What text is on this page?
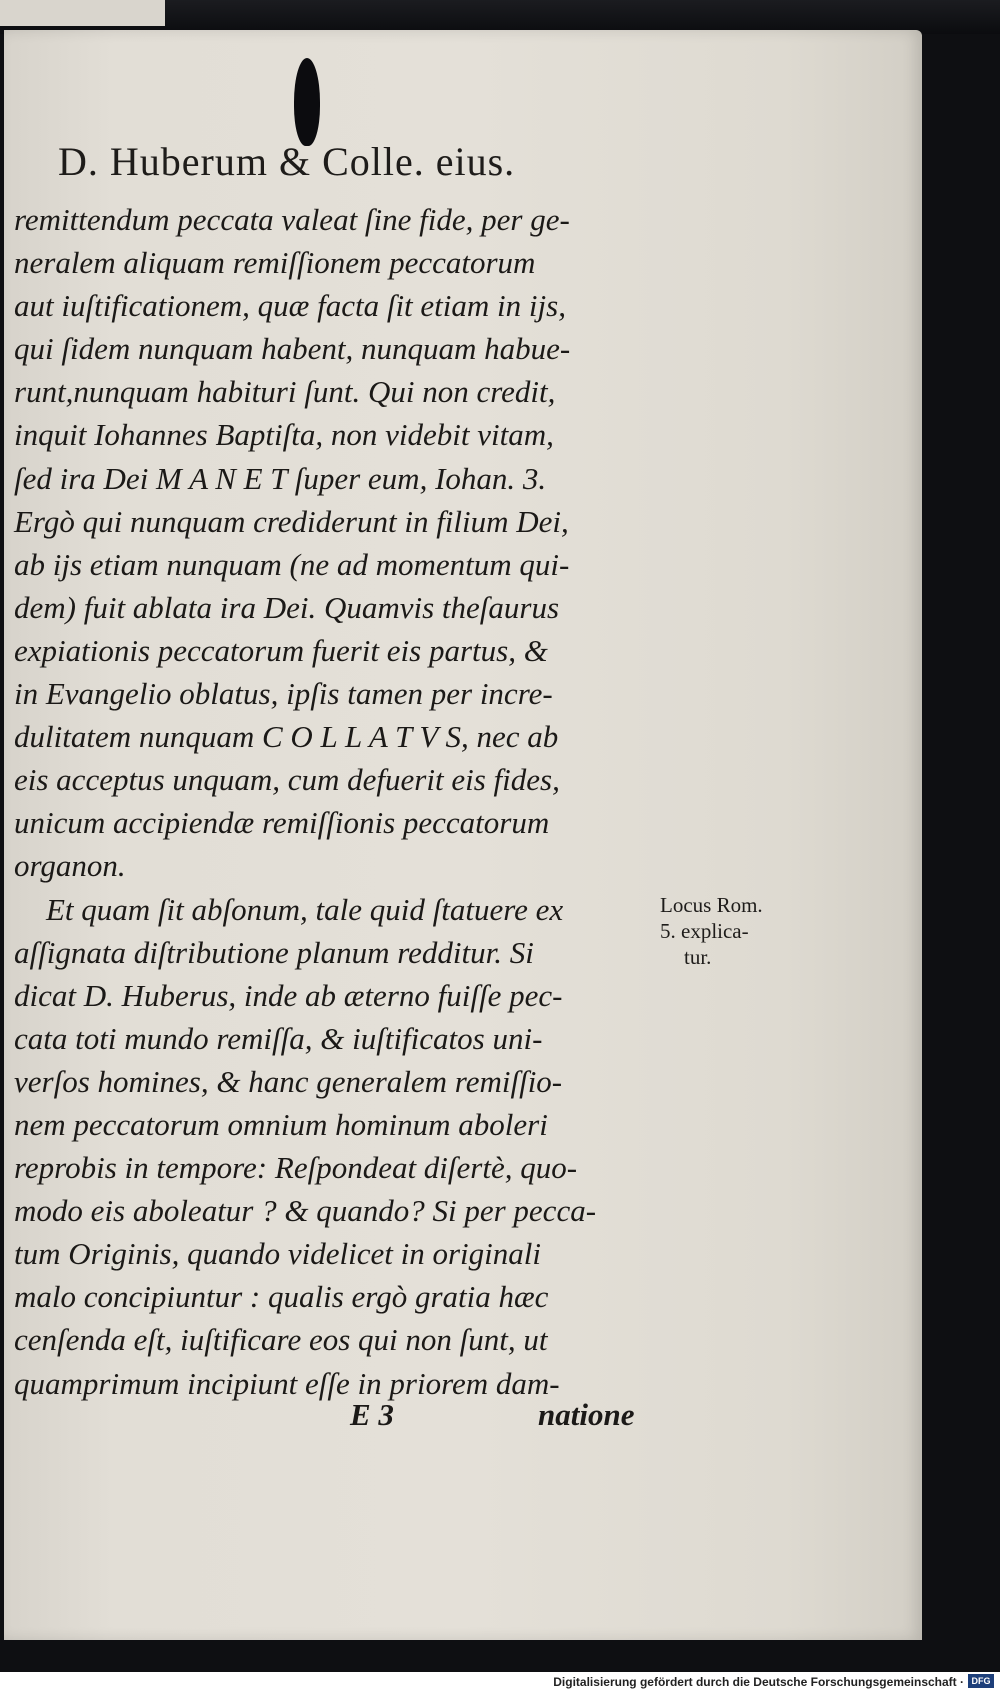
D. Huberum & Colle. eius.
remittendum peccata valeat ſine fide, per ge-
neralem aliquam remiſſionem peccatorum
aut iuſtificationem, quæ facta ſit etiam in ijs,
qui ſidem nunquam habent, nunquam habue-
runt,nunquam habituri ſunt. Qui non credit,
inquit Iohannes Baptiſta, non videbit vitam,
ſed ira Dei M A N E T ſuper eum, Iohan. 3.
Ergò qui nunquam crediderunt in filium Dei,
ab ijs etiam nunquam (ne ad momentum qui-
dem) fuit ablata ira Dei. Quamvis theſaurus
expiationis peccatorum fuerit eis partus, &
in Evangelio oblatus, ipſis tamen per incre-
dulitatem nunquam C O L L A T V S, nec ab
eis acceptus unquam, cum defuerit eis fides,
unicum accipiendæ remiſſionis peccatorum
organon.
Et quam ſit abſonum, tale quid ſtatuere ex
aſſignata diſtributione planum redditur. Si
dicat D. Huberus, inde ab æterno fuiſſe pec-
cata toti mundo remiſſa, & iuſtificatos uni-
verſos homines, & hanc generalem remiſſio-
nem peccatorum omnium hominum aboleri
reprobis in tempore: Reſpondeat diſertè, quo-
modo eis aboleatur ? & quando? Si per pecca-
tum Originis, quando videlicet in originali
malo concipiuntur : qualis ergò gratia hæc
cenſenda eſt, iuſtificare eos qui non ſunt, ut
quamprimum incipiunt eſſe in priorem dam-
Locus Rom.
5. explica-
tur.
E 3	natione
Digitalisierung gefördert durch die Deutsche Forschungsgemeinschaft · DFG
